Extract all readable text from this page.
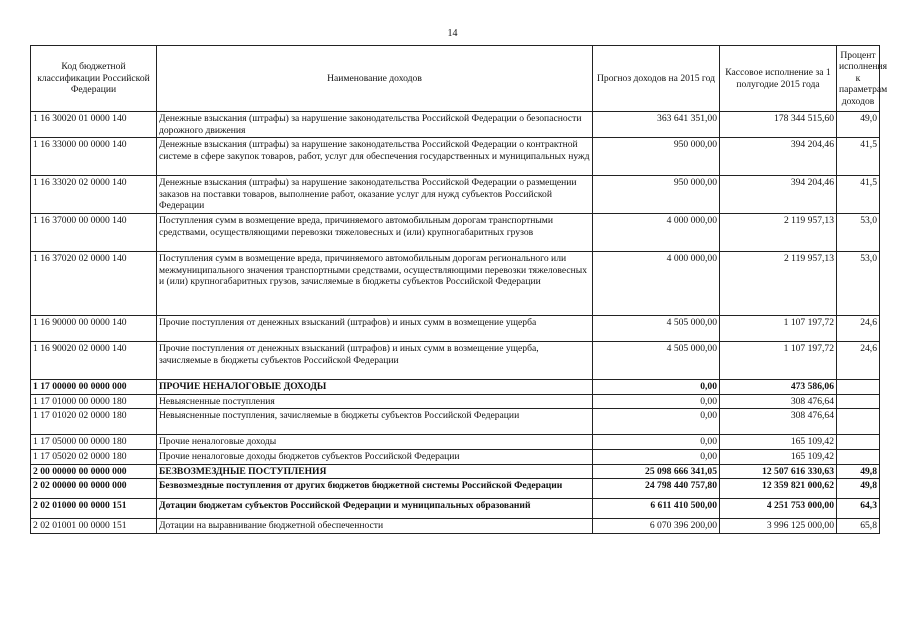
14
Код бюджетной классификации Российской Федерации	Наименование доходов	Прогноз доходов на 2015 год	Кассовое исполнение за 1 полугодие 2015 года	Процент исполнения к параметрам доходов
1 16 30020 01 0000 140	Денежные взыскания (штрафы) за нарушение законодательства Российской Федерации о безопасности дорожного движения	363 641 351,00	178 344 515,60	49,0
1 16 33000 00 0000 140	Денежные взыскания (штрафы) за нарушение законодательства Российской Федерации о контрактной системе в сфере закупок товаров, работ, услуг для обеспечения государственных и муниципальных нужд	950 000,00	394 204,46	41,5
1 16 33020 02 0000 140	Денежные взыскания (штрафы) за нарушение законодательства Российской Федерации о размещении заказов на поставки товаров, выполнение работ, оказание услуг для нужд субъектов Российской Федерации	950 000,00	394 204,46	41,5
1 16 37000 00 0000 140	Поступления сумм в возмещение вреда, причиняемого автомобильным дорогам транспортными средствами, осуществляющими перевозки тяжеловесных и (или) крупногабаритных грузов	4 000 000,00	2 119 957,13	53,0
1 16 37020 02 0000 140	Поступления сумм в возмещение вреда, причиняемого автомобильным дорогам регионального или межмуниципального значения транспортными средствами, осуществляющими перевозки тяжеловесных и (или) крупногабаритных грузов, зачисляемые в бюджеты субъектов Российской Федерации	4 000 000,00	2 119 957,13	53,0
1 16 90000 00 0000 140	Прочие поступления от денежных взысканий (штрафов) и иных сумм в возмещение ущерба	4 505 000,00	1 107 197,72	24,6
1 16 90020 02 0000 140	Прочие поступления от денежных взысканий (штрафов) и иных сумм в возмещение ущерба, зачисляемые в бюджеты субъектов Российской Федерации	4 505 000,00	1 107 197,72	24,6
1 17 00000 00 0000 000	ПРОЧИЕ НЕНАЛОГОВЫЕ ДОХОДЫ	0,00	473 586,06	
1 17 01000 00 0000 180	Невыясненные поступления	0,00	308 476,64	
1 17 01020 02 0000 180	Невыясненные поступления, зачисляемые в бюджеты субъектов Российской Федерации	0,00	308 476,64	
1 17 05000 00 0000 180	Прочие неналоговые доходы	0,00	165 109,42	
1 17 05020 02 0000 180	Прочие неналоговые доходы бюджетов субъектов Российской Федерации	0,00	165 109,42	
2 00 00000 00 0000 000	БЕЗВОЗМЕЗДНЫЕ ПОСТУПЛЕНИЯ	25 098 666 341,05	12 507 616 330,63	49,8
2 02 00000 00 0000 000	Безвозмездные поступления от других бюджетов бюджетной системы Российской Федерации	24 798 440 757,80	12 359 821 000,62	49,8
2 02 01000 00 0000 151	Дотации бюджетам субъектов Российской Федерации и муниципальных образований	6 611 410 500,00	4 251 753 000,00	64,3
2 02 01001 00 0000 151	Дотации на выравнивание бюджетной обеспеченности	6 070 396 200,00	3 996 125 000,00	65,8
